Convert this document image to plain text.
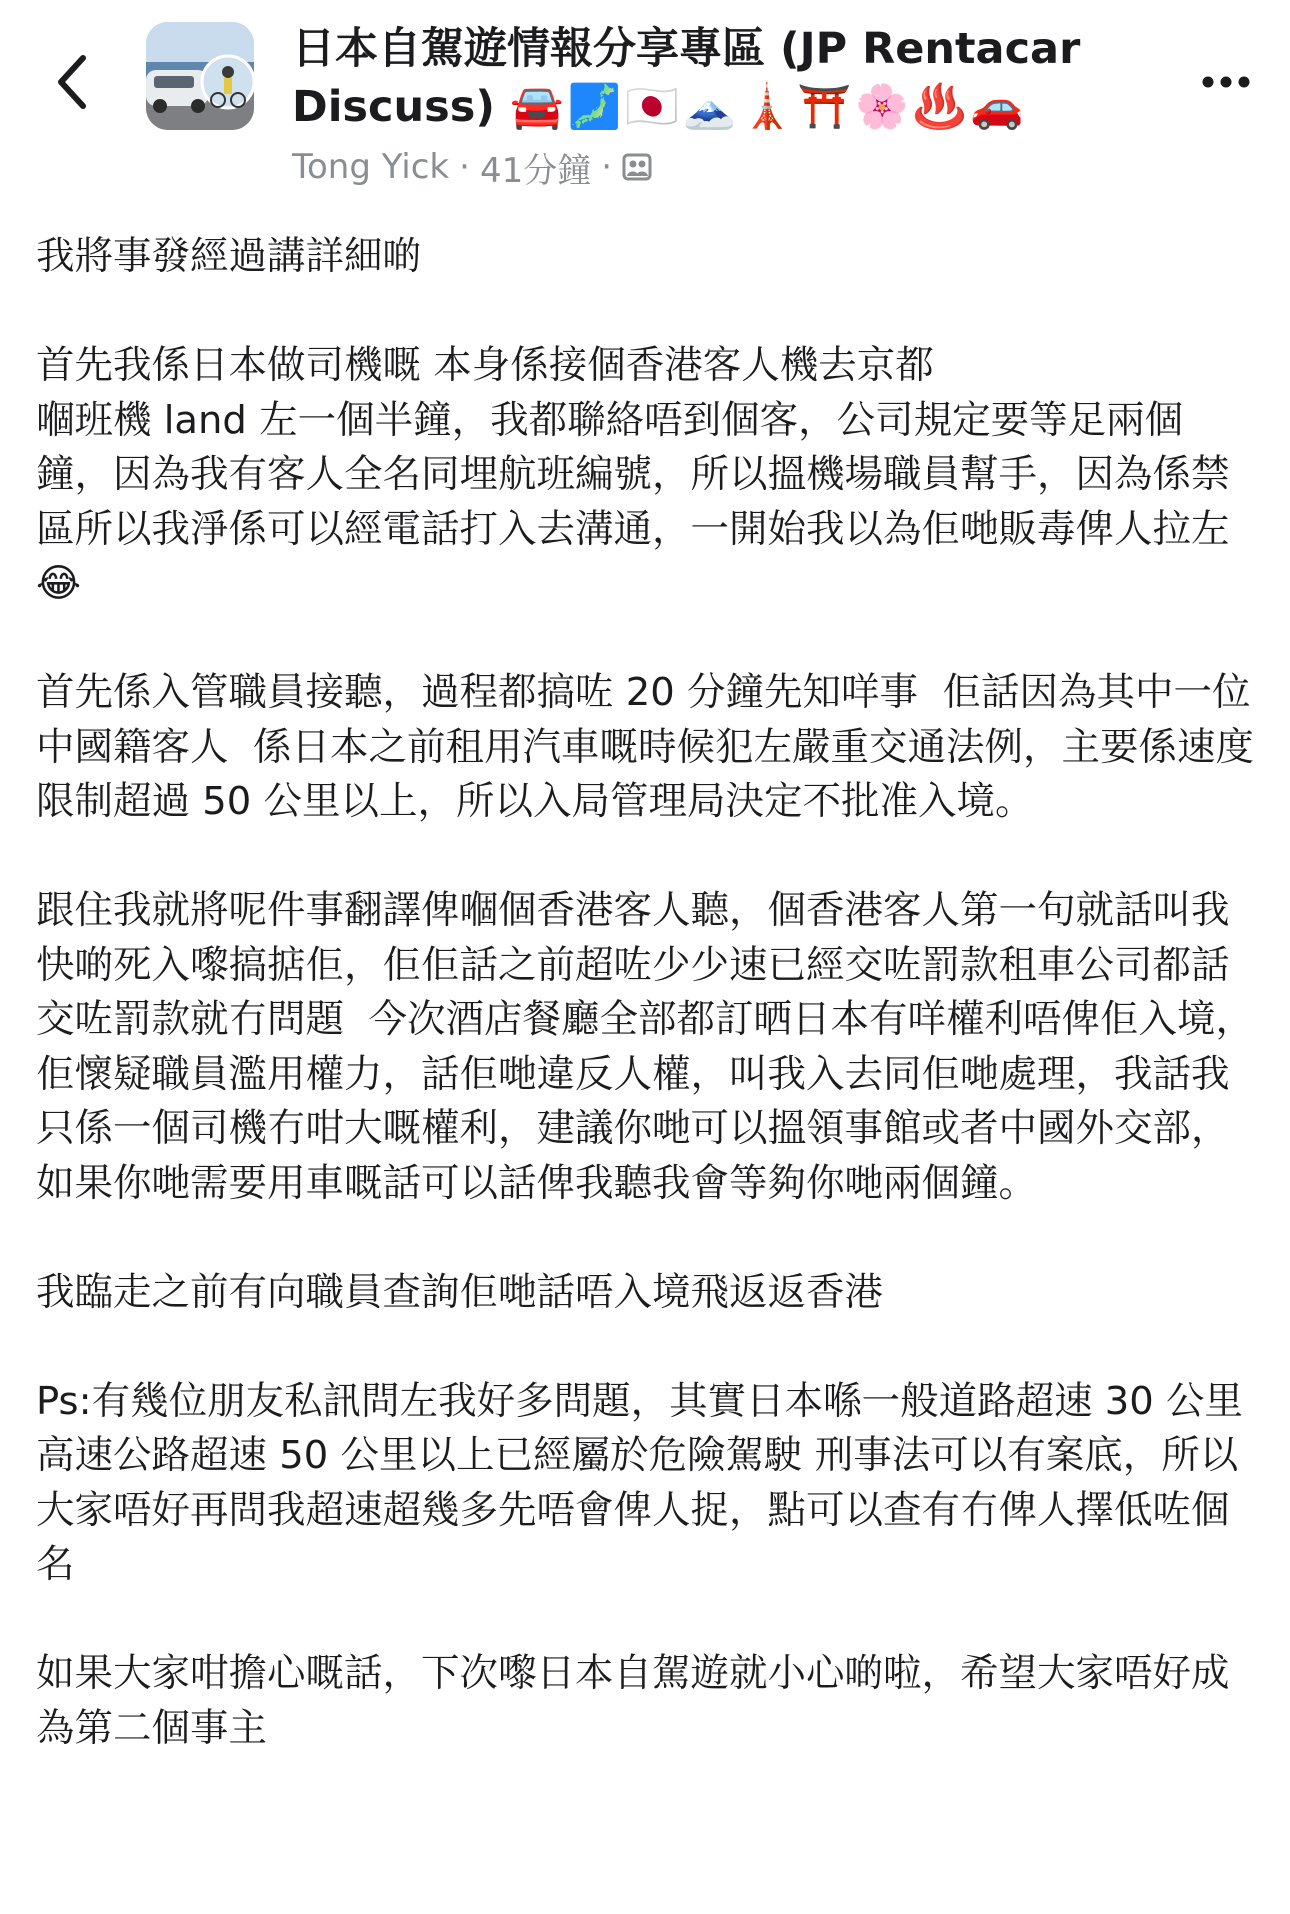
日本自駕遊情報分享專區 (JP Rentacar Discuss) 🚘🗾🇯🇵🗻🗼⛩️🌸♨️🚗
Tong Yick · 41分鐘 ·

我將事發經過講詳細啲

首先我係日本做司機嘅 本身係接個香港客人機去京都
嗰班機 land 左一個半鐘，我都聯絡唔到個客，公司規定要等足兩個鐘，因為我有客人全名同埋航班編號，所以搵機場職員幫手，因為係禁區所以我淨係可以經電話打入去溝通，一開始我以為佢哋販毒俾人拉左😂

首先係入管職員接聽，過程都搞咗 20 分鐘先知咩事  佢話因為其中一位中國籍客人  係日本之前租用汽車嘅時候犯左嚴重交通法例，主要係速度限制超過 50 公里以上，所以入局管理局決定不批准入境。

跟住我就將呢件事翻譯俾嗰個香港客人聽，個香港客人第一句就話叫我快啲死入嚟搞掂佢，佢佢話之前超咗少少速已經交咗罰款租車公司都話交咗罰款就冇問題  今次酒店餐廳全部都訂晒日本有咩權利唔俾佢入境，佢懷疑職員濫用權力，話佢哋違反人權，叫我入去同佢哋處理，我話我只係一個司機冇咁大嘅權利，建議你哋可以搵領事館或者中國外交部，如果你哋需要用車嘅話可以話俾我聽我會等夠你哋兩個鐘。

我臨走之前有向職員查詢佢哋話唔入境飛返返香港

Ps:有幾位朋友私訊問左我好多問題，其實日本喺一般道路超速 30 公里 高速公路超速 50 公里以上已經屬於危險駕駛 刑事法可以有案底，所以大家唔好再問我超速超幾多先唔會俾人捉，點可以查有冇俾人擇低咗個名

如果大家咁擔心嘅話，下次嚟日本自駕遊就小心啲啦，希望大家唔好成為第二個事主
